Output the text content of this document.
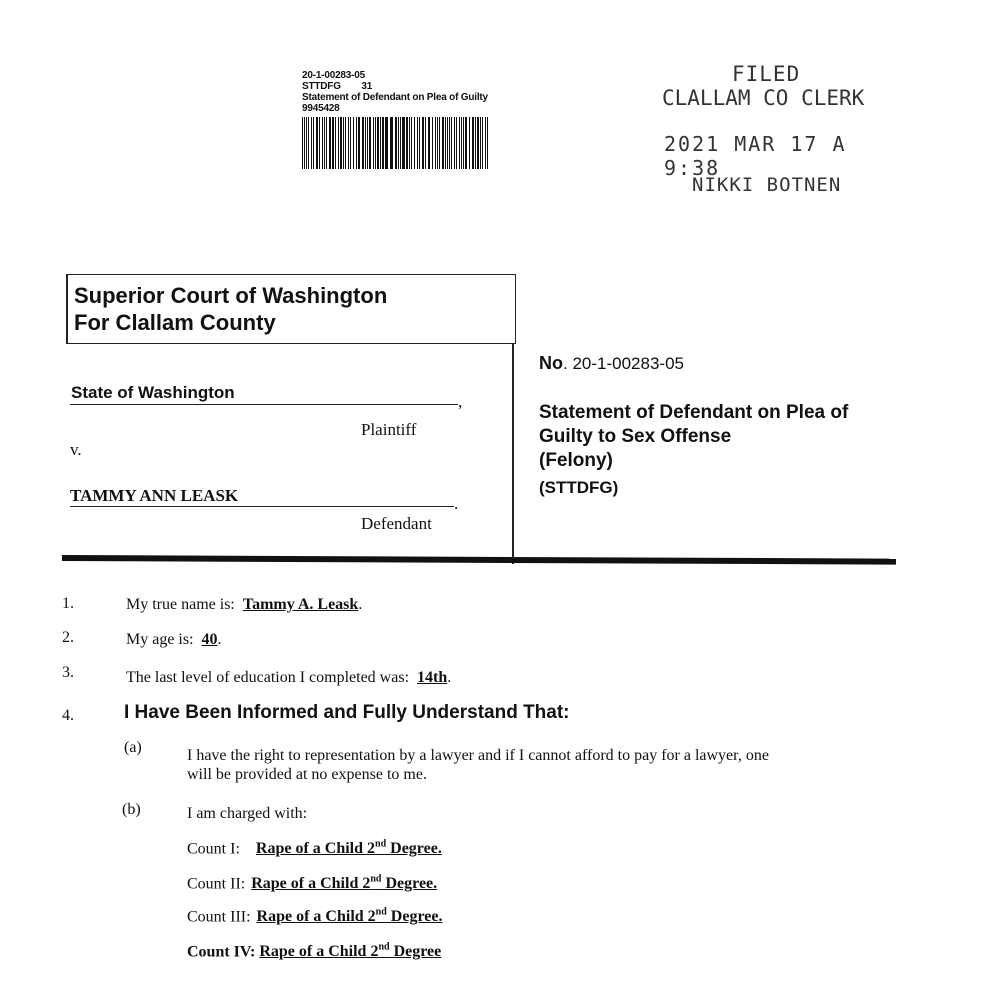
20-1-00283-05
STTDFG 31
Statement of Defendant on Plea of Guilty
9945428
FILED
CLALLAM CO CLERK
2021 MAR 17 A 9:38
NIKKI BOTNEN
Superior Court of Washington
For Clallam County
State of Washington	,
Plaintiff
v.
TAMMY ANN LEASK	.
Defendant
No. 20-1-00283-05
Statement of Defendant on Plea of
Guilty to Sex Offense
(Felony)
(STTDFG)
1.	My true name is: Tammy A. Leask.
2.	My age is: 40.
3.	The last level of education I completed was: 14th.
4.	I Have Been Informed and Fully Understand That:
(a)	I have the right to representation by a lawyer and if I cannot afford to pay for a lawyer, one
will be provided at no expense to me.
(b)	I am charged with:
Count I: Rape of a Child 2nd Degree.
Count II: Rape of a Child 2nd Degree.
Count III: Rape of a Child 2nd Degree.
Count IV: Rape of a Child 2nd Degree
